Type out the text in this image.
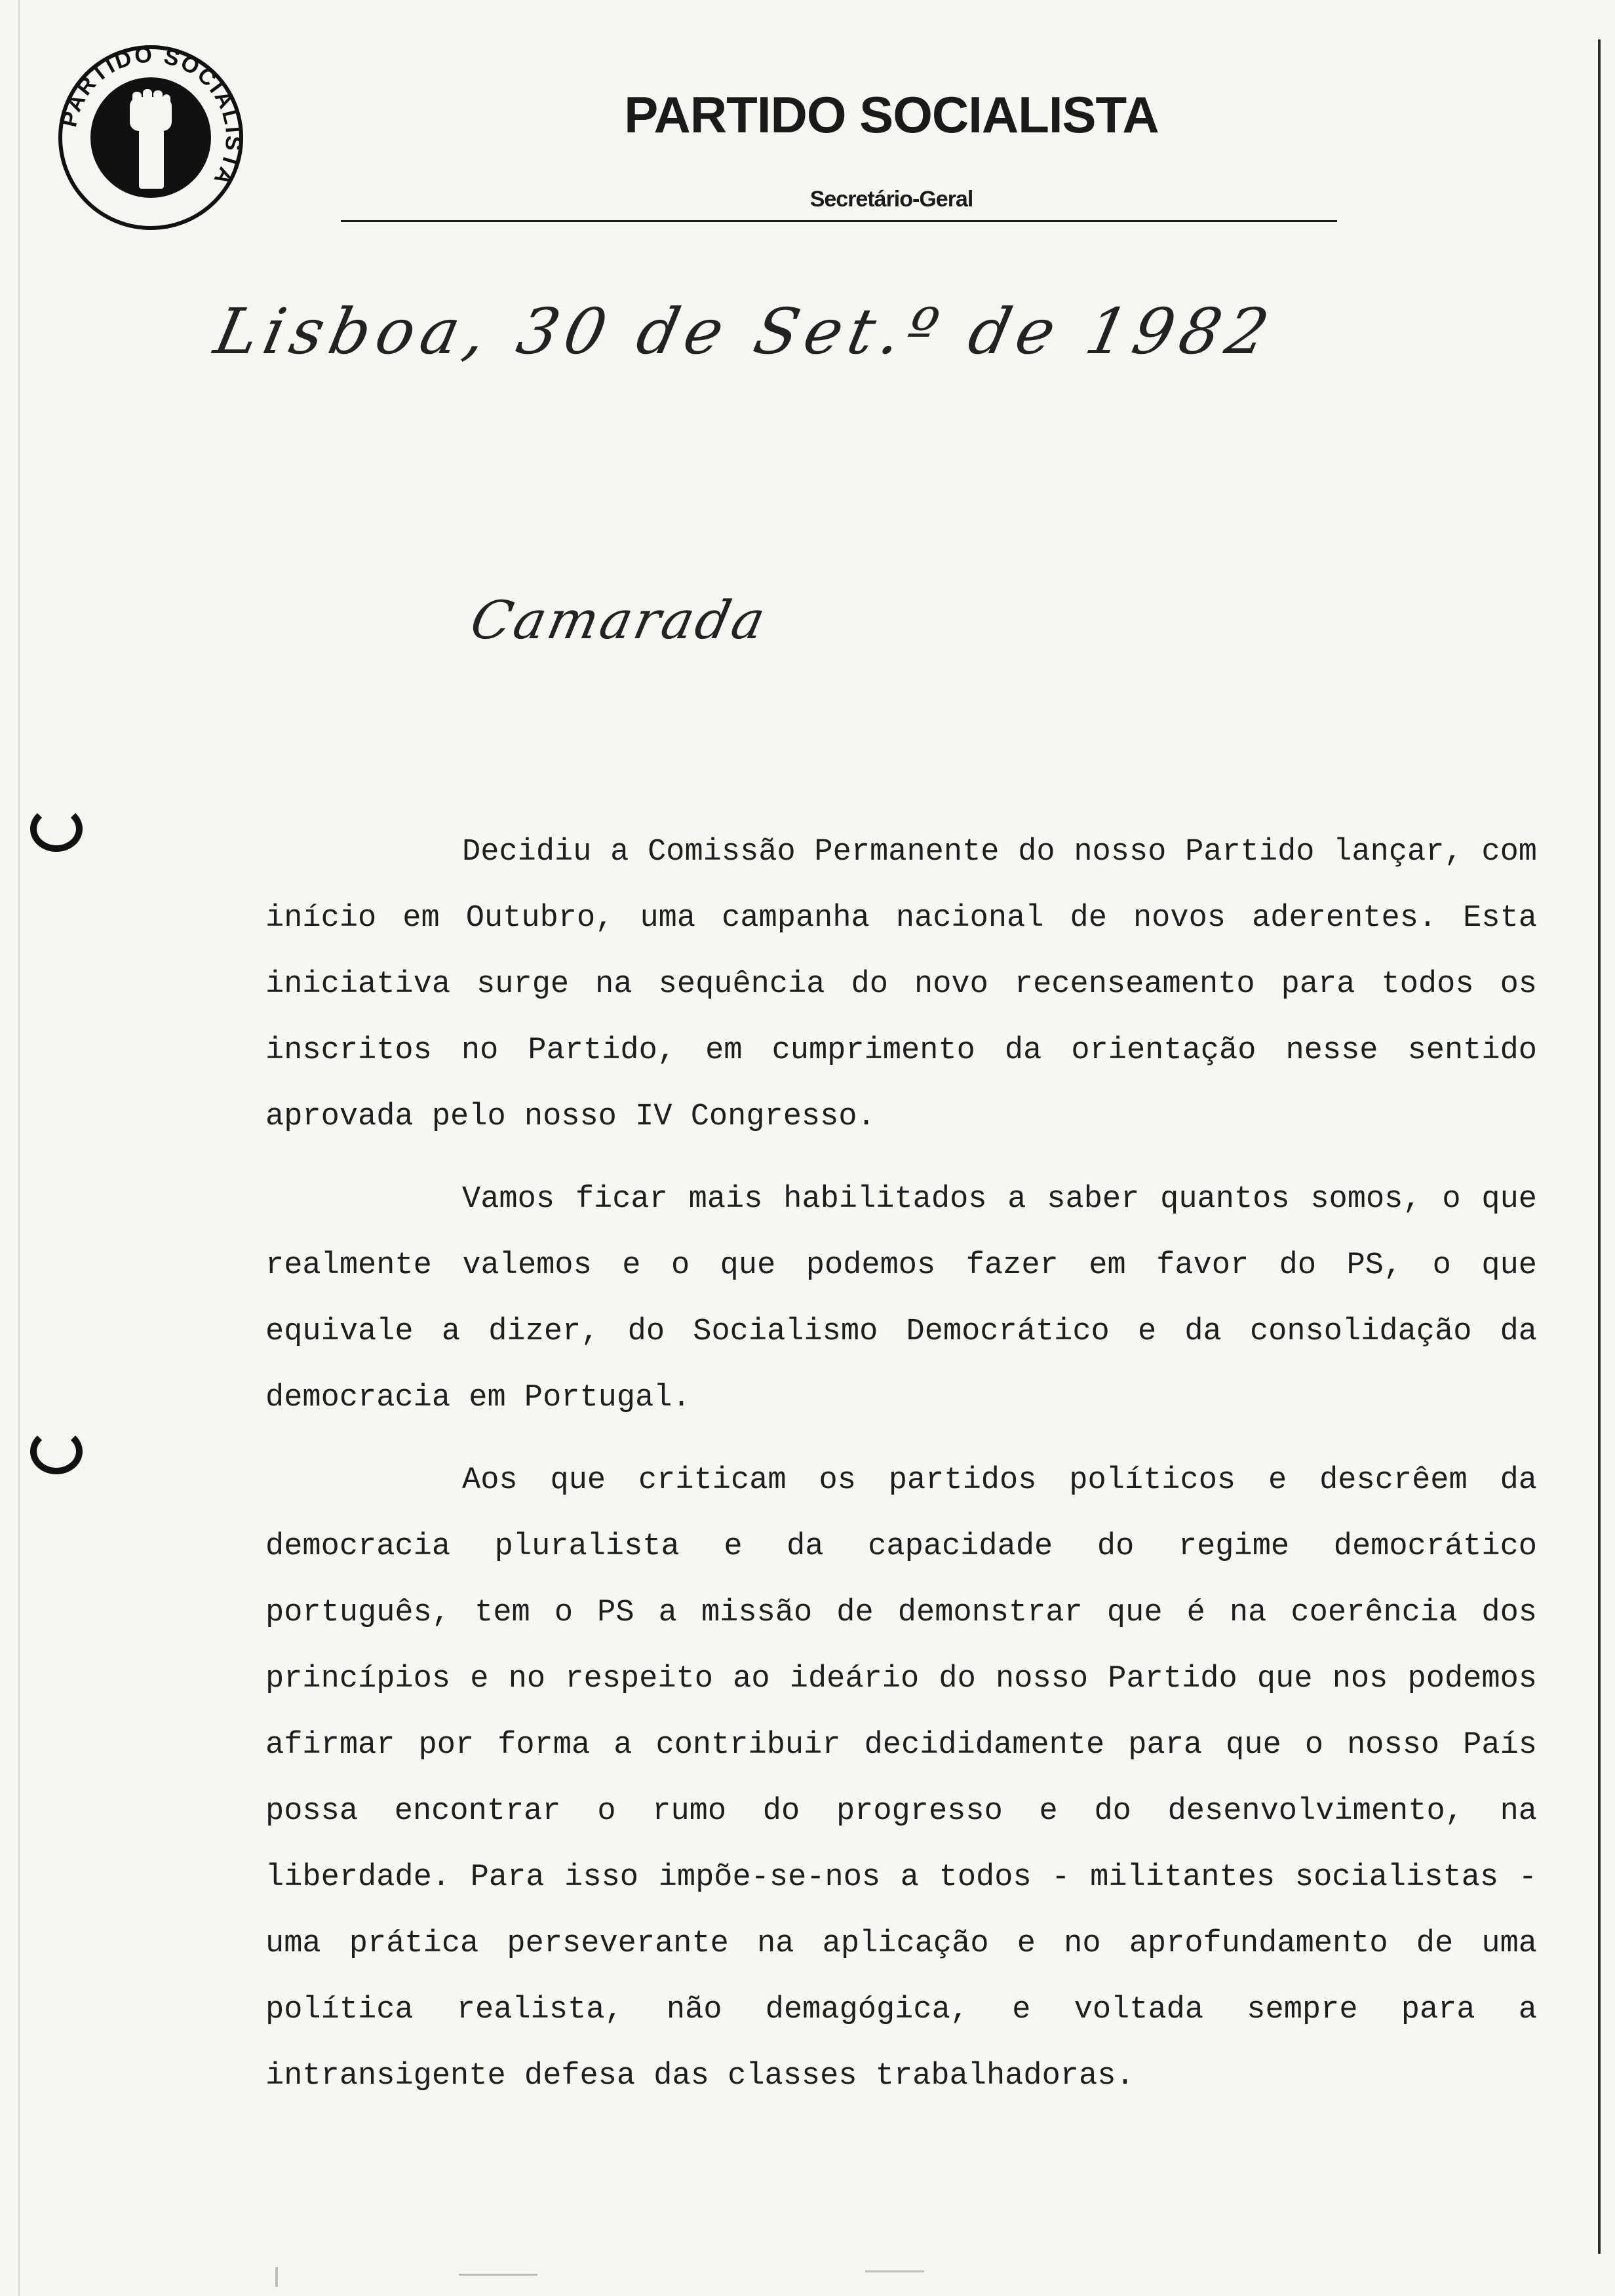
PARTIDO SOCIALISTA
PARTIDO SOCIALISTA
Secretário-Geral
Lisboa, 30 de Set.º de 1982
Camarada

Decidiu a Comissão Permanente do nosso Partido lançar, com início em Outubro, uma campanha nacional de novos aderentes. Esta iniciativa surge na sequência do novo recenseamento para todos os inscritos no Partido, em cumprimento da orientação nesse sentido aprovada pelo nosso IV Congresso.

Vamos ficar mais habilitados a saber quantos somos, o que realmente valemos e o que podemos fazer em favor do PS, o que equivale a dizer, do Socialismo Democrático e da consolidação da democracia em Portugal.

Aos que criticam os partidos políticos e descrêem da democracia pluralista e da capacidade do regime democrático português, tem o PS a missão de demonstrar que é na coerência dos princípios e no respeito ao ideário do nosso Partido que nos podemos afirmar por forma a contribuir decididamente para que o nosso País possa encontrar o rumo do progresso e do desenvolvimento, na liberdade. Para isso impõe-se-nos a todos - militantes socialistas - uma prática perseverante na aplicação e no aprofundamento de uma política realista, não demagógica, e voltada sempre para a intransigente defesa das classes trabalhadoras.
